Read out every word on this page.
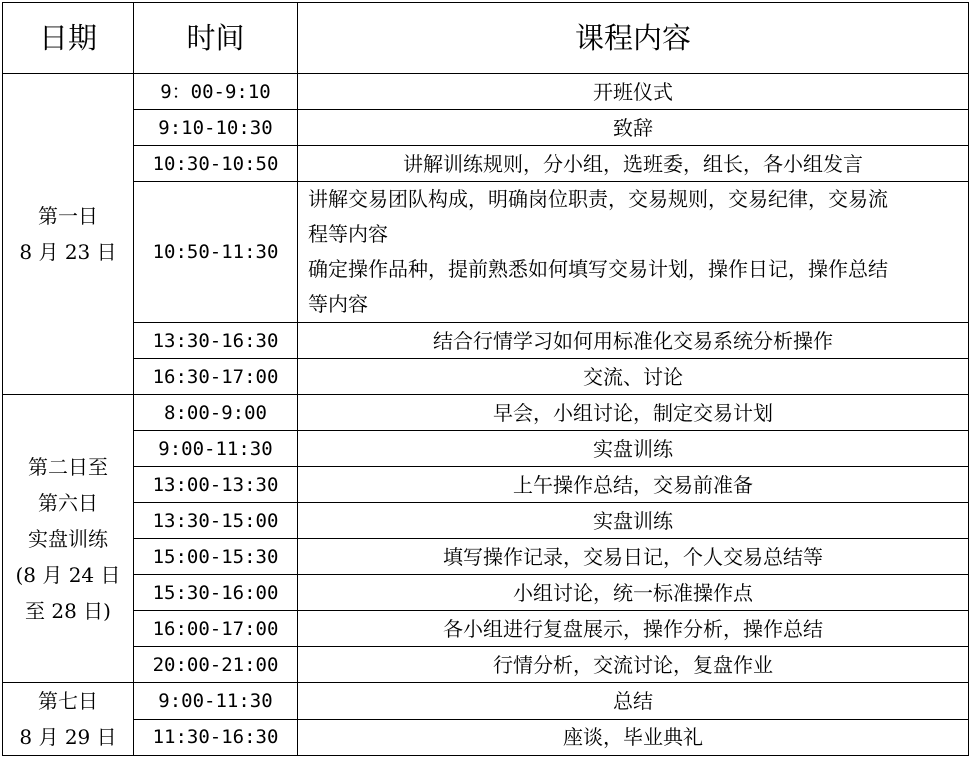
日期	时间	课程内容

第一日
8 月 23 日	9：00-9:10	开班仪式

	9:10-10:30	致辞

	10:30-10:50	讲解训练规则，分小组，选班委，组长，各小组发言

	10:50-11:30	讲解交易团队构成，明确岗位职责，交易规则，交易纪律，交易流
程等内容
确定操作品种，提前熟悉如何填写交易计划，操作日记，操作总结
等内容

	13:30-16:30	结合行情学习如何用标准化交易系统分析操作

	16:30-17:00	交流、讨论

第二日至
第六日
实盘训练
(8 月 24 日
至 28 日)	8:00-9:00	早会，小组讨论，制定交易计划

	9:00-11:30	实盘训练

	13:00-13:30	上午操作总结，交易前准备

	13:30-15:00	实盘训练

	15:00-15:30	填写操作记录，交易日记，个人交易总结等

	15:30-16:00	小组讨论，统一标准操作点

	16:00-17:00	各小组进行复盘展示，操作分析，操作总结

	20:00-21:00	行情分析，交流讨论，复盘作业

第七日
8 月 29 日	9:00-11:30	总结

	11:30-16:30	座谈，毕业典礼
